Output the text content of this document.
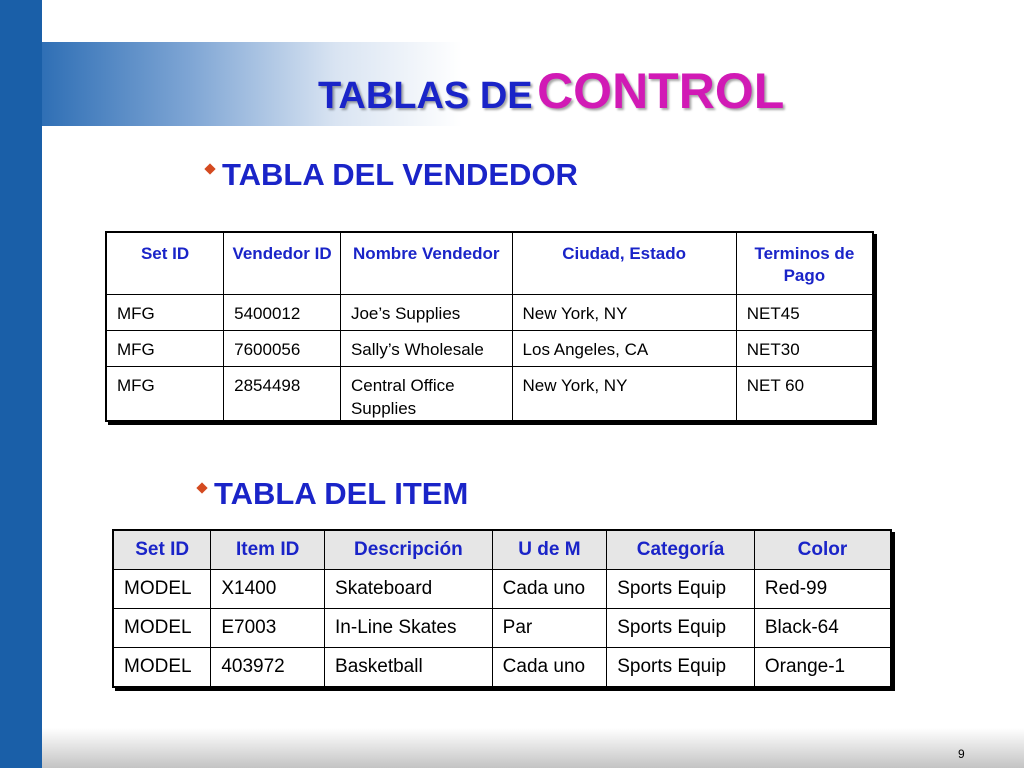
TABLAS DE CONTROL
TABLA DEL VENDEDOR
Set ID	Vendedor ID	Nombre Vendedor	Ciudad, Estado	Terminos de Pago
MFG	5400012	Joe’s Supplies	New York, NY	NET45
MFG	7600056	Sally’s Wholesale	Los Angeles, CA	NET30
MFG	2854498	Central Office Supplies	New York, NY	NET 60
TABLA DEL ITEM
Set ID	Item ID	Descripción	U de M	Categoría	Color
MODEL	X1400	Skateboard	Cada uno	Sports Equip	Red-99
MODEL	E7003	In-Line Skates	Par	Sports Equip	Black-64
MODEL	403972	Basketball	Cada uno	Sports Equip	Orange-1
9
